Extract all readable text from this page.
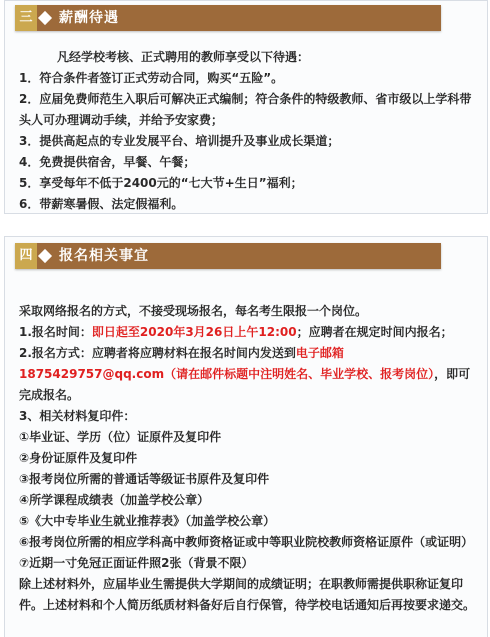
三	薪酬待遇
凡经学校考核、正式聘用的教师享受以下待遇：
1．符合条件者签订正式劳动合同，购买“五险”。
2．应届免费师范生入职后可解决正式编制；符合条件的特级教师、省市级以上学科带头人可办理调动手续，并给予安家费；
3．提供高起点的专业发展平台、培训提升及事业成长渠道；
4．免费提供宿舍，早餐、午餐；
5．享受每年不低于2400元的“七大节+生日”福利；
6．带薪寒暑假、法定假福利。
四	报名相关事宜
采取网络报名的方式，不接受现场报名，每名考生限报一个岗位。
1.报名时间：即日起至2020年3月26日上午12:00；应聘者在规定时间内报名；
2.报名方式：应聘者将应聘材料在报名时间内发送到电子邮箱1875429757@qq.com（请在邮件标题中注明姓名、毕业学校、报考岗位），即可完成报名。
3、相关材料复印件：
①毕业证、学历（位）证原件及复印件
②身份证原件及复印件
③报考岗位所需的普通话等级证书原件及复印件
④所学课程成绩表（加盖学校公章）
⑤《大中专毕业生就业推荐表》（加盖学校公章）
⑥报考岗位所需的相应学科高中教师资格证或中等职业院校教师资格证原件（或证明）
⑦近期一寸免冠正面证件照2张（背景不限）
除上述材料外，应届毕业生需提供大学期间的成绩证明；在职教师需提供职称证复印件。上述材料和个人简历纸质材料备好后自行保管，待学校电话通知后再按要求递交。
